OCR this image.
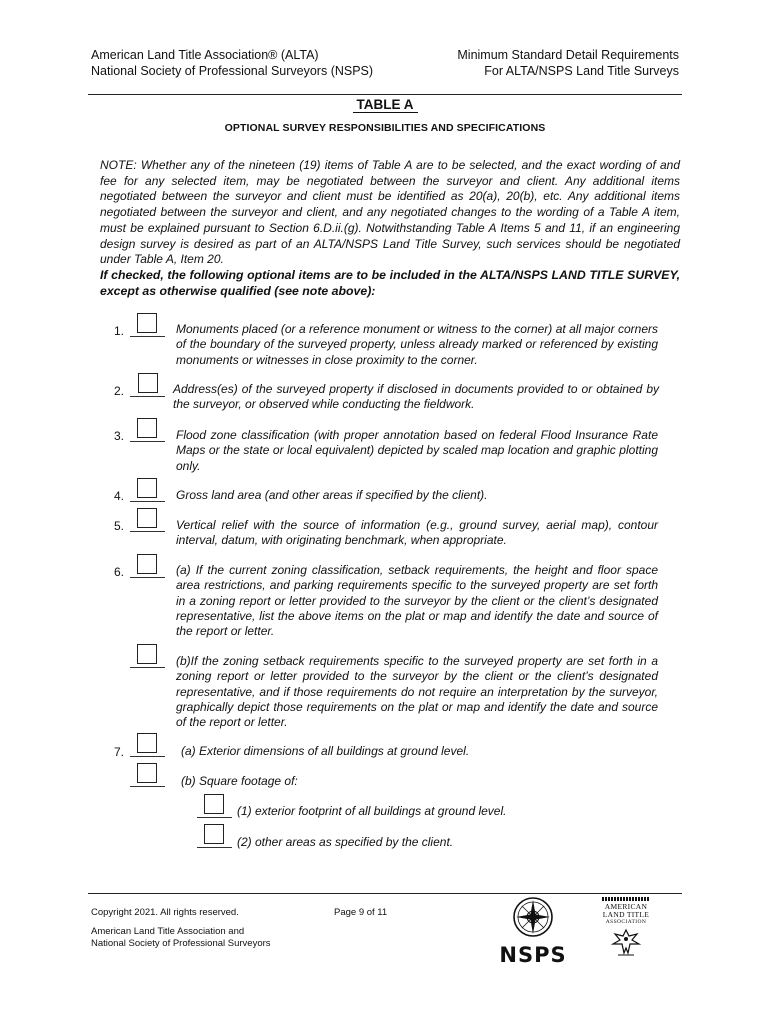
American Land Title Association® (ALTA)
National Society of Professional Surveyors (NSPS)
Minimum Standard Detail Requirements
For ALTA/NSPS Land Title Surveys
TABLE A
OPTIONAL SURVEY RESPONSIBILITIES AND SPECIFICATIONS
NOTE: Whether any of the nineteen (19) items of Table A are to be selected, and the exact wording of and fee for any selected item, may be negotiated between the surveyor and client. Any additional items negotiated between the surveyor and client must be identified as 20(a), 20(b), etc. Any additional items negotiated between the surveyor and client, and any negotiated changes to the wording of a Table A item, must be explained pursuant to Section 6.D.ii.(g). Notwithstanding Table A Items 5 and 11, if an engineering design survey is desired as part of an ALTA/NSPS Land Title Survey, such services should be negotiated under Table A, Item 20.
If checked, the following optional items are to be included in the ALTA/NSPS LAND TITLE SURVEY, except as otherwise qualified (see note above):
1.	Monuments placed (or a reference monument or witness to the corner) at all major corners of the boundary of the surveyed property, unless already marked or referenced by existing monuments or witnesses in close proximity to the corner.
2.	Address(es) of the surveyed property if disclosed in documents provided to or obtained by the surveyor, or observed while conducting the fieldwork.
3.	Flood zone classification (with proper annotation based on federal Flood Insurance Rate Maps or the state or local equivalent) depicted by scaled map location and graphic plotting only.
4.	Gross land area (and other areas if specified by the client).
5.	Vertical relief with the source of information (e.g., ground survey, aerial map), contour interval, datum, with originating benchmark, when appropriate.
6.	(a) If the current zoning classification, setback requirements, the height and floor space area restrictions, and parking requirements specific to the surveyed property are set forth in a zoning report or letter provided to the surveyor by the client or the client’s designated representative, list the above items on the plat or map and identify the date and source of the report or letter.
(b)If the zoning setback requirements specific to the surveyed property are set forth in a zoning report or letter provided to the surveyor by the client or the client’s designated representative, and if those requirements do not require an interpretation by the surveyor, graphically depict those requirements on the plat or map and identify the date and source of the report or letter.
7.	(a) Exterior dimensions of all buildings at ground level.
(b) Square footage of:
(1) exterior footprint of all buildings at ground level.
(2) other areas as specified by the client.
Copyright 2021. All rights reserved.	Page 9 of 11
American Land Title Association and
National Society of Professional Surveyors	NSPS
AMERICAN
LAND TITLE
ASSOCIATION
